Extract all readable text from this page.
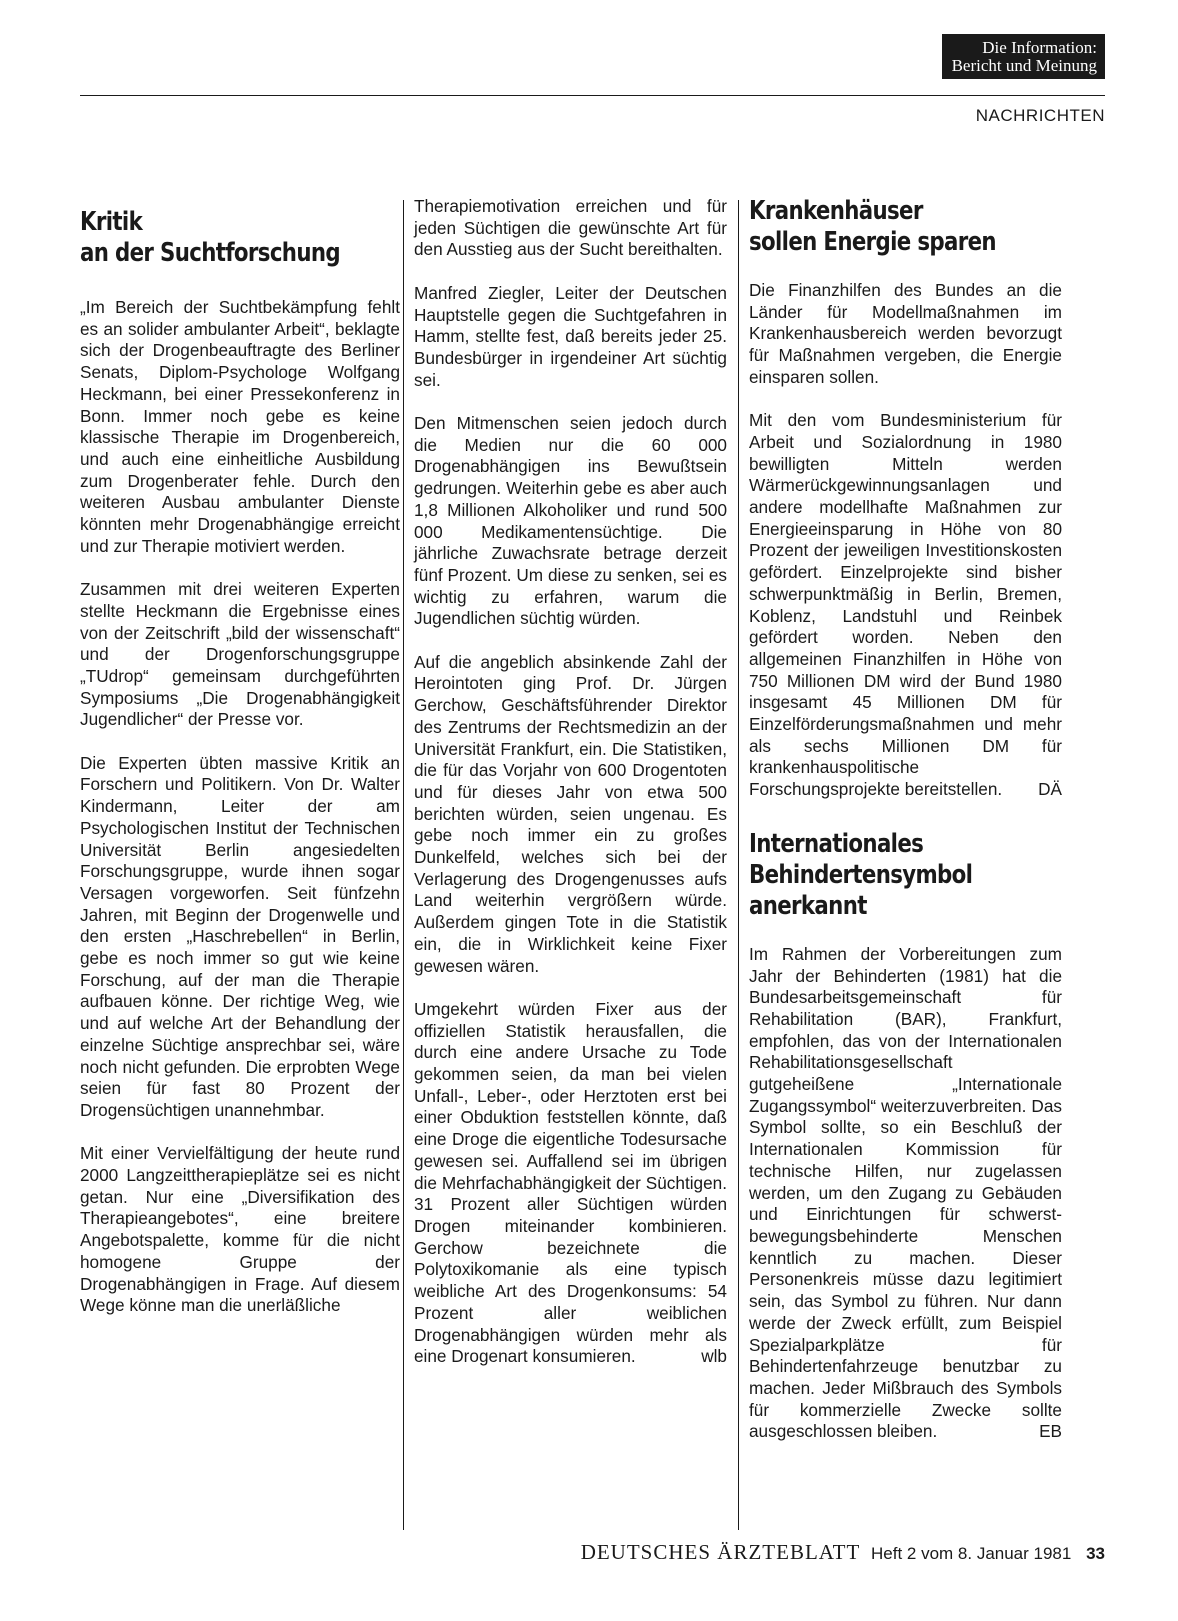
Die Information:
Bericht und Meinung
NACHRICHTEN
Kritik
an der Suchtforschung

„Im Bereich der Suchtbekämpfung fehlt es an solider ambulanter Arbeit“, beklagte sich der Drogenbeauftragte des Berliner Senats, Diplom-Psychologe Wolfgang Heckmann, bei einer Pressekonferenz in Bonn. Immer noch gebe es keine klassische Therapie im Drogenbereich, und auch eine einheitliche Ausbildung zum Drogenberater fehle. Durch den weiteren Ausbau ambulanter Dienste könnten mehr Drogenabhängige erreicht und zur Therapie motiviert werden.

Zusammen mit drei weiteren Experten stellte Heckmann die Ergebnisse eines von der Zeitschrift „bild der wissenschaft“ und der Drogenforschungsgruppe „TUdrop“ gemeinsam durchgeführten Symposiums „Die Drogenabhängigkeit Jugendlicher“ der Presse vor.

Die Experten übten massive Kritik an Forschern und Politikern. Von Dr. Walter Kindermann, Leiter der am Psychologischen Institut der Technischen Universität Berlin angesiedelten Forschungsgruppe, wurde ihnen sogar Versagen vorgeworfen. Seit fünfzehn Jahren, mit Beginn der Drogenwelle und den ersten „Haschrebellen“ in Berlin, gebe es noch immer so gut wie keine Forschung, auf der man die Therapie aufbauen könne. Der richtige Weg, wie und auf welche Art der Behandlung der einzelne Süchtige ansprechbar sei, wäre noch nicht gefunden. Die erprobten Wege seien für fast 80 Prozent der Drogensüchtigen unannehmbar.

Mit einer Vervielfältigung der heute rund 2000 Langzeittherapieplätze sei es nicht getan. Nur eine „Diversifikation des Therapieangebotes“, eine breitere Angebotspalette, komme für die nicht homogene Gruppe der Drogenabhängigen in Frage. Auf diesem Wege könne man die unerläßliche

Therapiemotivation erreichen und für jeden Süchtigen die gewünschte Art für den Ausstieg aus der Sucht bereithalten.

Manfred Ziegler, Leiter der Deutschen Hauptstelle gegen die Suchtgefahren in Hamm, stellte fest, daß bereits jeder 25. Bundesbürger in irgendeiner Art süchtig sei.

Den Mitmenschen seien jedoch durch die Medien nur die 60 000 Drogenabhängigen ins Bewußtsein gedrungen. Weiterhin gebe es aber auch 1,8 Millionen Alkoholiker und rund 500 000 Medikamentensüchtige. Die jährliche Zuwachsrate betrage derzeit fünf Prozent. Um diese zu senken, sei es wichtig zu erfahren, warum die Jugendlichen süchtig würden.

Auf die angeblich absinkende Zahl der Herointoten ging Prof. Dr. Jürgen Gerchow, Geschäftsführender Direktor des Zentrums der Rechtsmedizin an der Universität Frankfurt, ein. Die Statistiken, die für das Vorjahr von 600 Drogentoten und für dieses Jahr von etwa 500 berichten würden, seien ungenau. Es gebe noch immer ein zu großes Dunkelfeld, welches sich bei der Verlagerung des Drogengenusses aufs Land weiterhin vergrößern würde. Außerdem gingen Tote in die Statistik ein, die in Wirklichkeit keine Fixer gewesen wären.

Umgekehrt würden Fixer aus der offiziellen Statistik herausfallen, die durch eine andere Ursache zu Tode gekommen seien, da man bei vielen Unfall-, Leber-, oder Herztoten erst bei einer Obduktion feststellen könnte, daß eine Droge die eigentliche Todesursache gewesen sei. Auffallend sei im übrigen die Mehrfachabhängigkeit der Süchtigen. 31 Prozent aller Süchtigen würden Drogen miteinander kombinieren. Gerchow bezeichnete die Polytoxikomanie als eine typisch weibliche Art des Drogenkonsums: 54 Prozent aller weiblichen Drogenabhängigen würden mehr als eine Drogenart konsumieren.	wlb

Krankenhäuser
sollen Energie sparen

Die Finanzhilfen des Bundes an die Länder für Modellmaßnahmen im Krankenhausbereich werden bevorzugt für Maßnahmen vergeben, die Energie einsparen sollen.

Mit den vom Bundesministerium für Arbeit und Sozialordnung in 1980 bewilligten Mitteln werden Wärmerückgewinnungsanlagen und andere modellhafte Maßnahmen zur Energieeinsparung in Höhe von 80 Prozent der jeweiligen Investitionskosten gefördert. Einzelprojekte sind bisher schwerpunktmäßig in Berlin, Bremen, Koblenz, Landstuhl und Reinbek gefördert worden. Neben den allgemeinen Finanzhilfen in Höhe von 750 Millionen DM wird der Bund 1980 insgesamt 45 Millionen DM für Einzelförderungsmaßnahmen und mehr als sechs Millionen DM für krankenhauspolitische Forschungsprojekte bereitstellen. DÄ

Internationales
Behindertensymbol
anerkannt

Im Rahmen der Vorbereitungen zum Jahr der Behinderten (1981) hat die Bundesarbeitsgemeinschaft für Rehabilitation (BAR), Frankfurt, empfohlen, das von der Internationalen Rehabilitationsgesellschaft gutgeheißene „Internationale Zugangssymbol“ weiterzuverbreiten. Das Symbol sollte, so ein Beschluß der Internationalen Kommission für technische Hilfen, nur zugelassen werden, um den Zugang zu Gebäuden und Einrichtungen für schwerst-bewegungsbehinderte Menschen kenntlich zu machen. Dieser Personenkreis müsse dazu legitimiert sein, das Symbol zu führen. Nur dann werde der Zweck erfüllt, zum Beispiel Spezialparkplätze für Behindertenfahrzeuge benutzbar zu machen. Jeder Mißbrauch des Symbols für kommerzielle Zwecke sollte ausgeschlossen bleiben.	EB

DEUTSCHES ÄRZTEBLATT Heft 2 vom 8. Januar 1981 33
